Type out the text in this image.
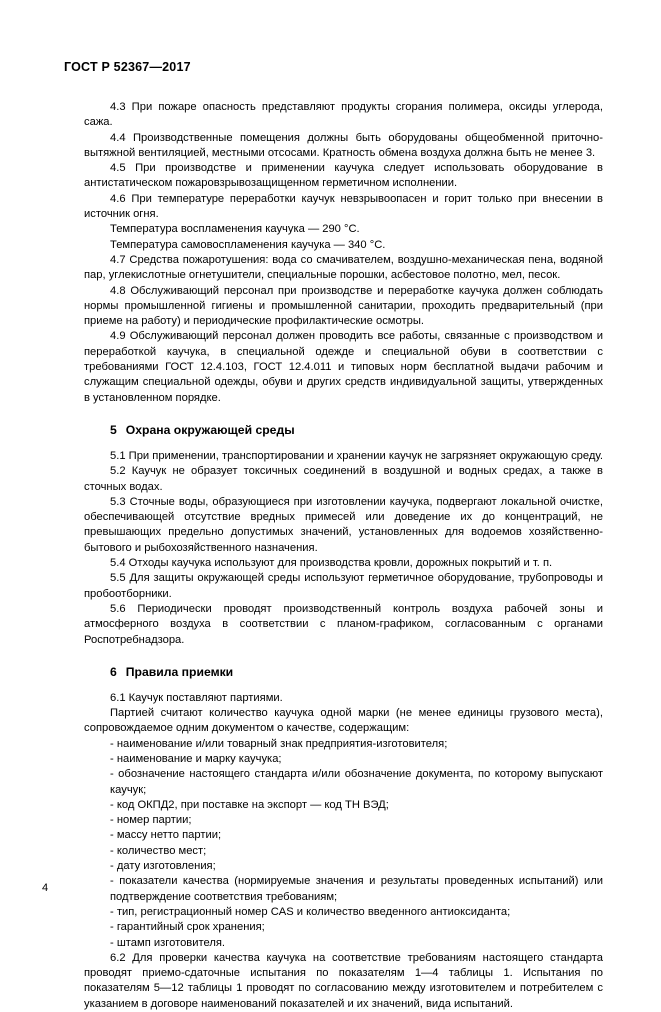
ГОСТ Р 52367—2017

4.3 При пожаре опасность представляют продукты сгорания полимера, оксиды углерода, сажа.

4.4 Производственные помещения должны быть оборудованы общеобменной приточно-вытяжной вентиляцией, местными отсосами. Кратность обмена воздуха должна быть не менее 3.

4.5 При производстве и применении каучука следует использовать оборудование в антистатическом пожаровзрывозащищенном герметичном исполнении.

4.6 При температуре переработки каучук невзрывоопасен и горит только при внесении в источник огня.

Температура воспламенения каучука — 290 °С.

Температура самовоспламенения каучука — 340 °С.

4.7 Средства пожаротушения: вода со смачивателем, воздушно-механическая пена, водяной пар, углекислотные огнетушители, специальные порошки, асбестовое полотно, мел, песок.

4.8 Обслуживающий персонал при производстве и переработке каучука должен соблюдать нормы промышленной гигиены и промышленной санитарии, проходить предварительный (при приеме на работу) и периодические профилактические осмотры.

4.9 Обслуживающий персонал должен проводить все работы, связанные с производством и переработкой каучука, в специальной одежде и специальной обуви в соответствии с требованиями ГОСТ 12.4.103, ГОСТ 12.4.011 и типовых норм бесплатной выдачи рабочим и служащим специальной одежды, обуви и других средств индивидуальной защиты, утвержденных в установленном порядке.

5 Охрана окружающей среды

5.1 При применении, транспортировании и хранении каучук не загрязняет окружающую среду.

5.2 Каучук не образует токсичных соединений в воздушной и водных средах, а также в сточных водах.

5.3 Сточные воды, образующиеся при изготовлении каучука, подвергают локальной очистке, обеспечивающей отсутствие вредных примесей или доведение их до концентраций, не превышающих предельно допустимых значений, установленных для водоемов хозяйственно-бытового и рыбохозяйственного назначения.

5.4 Отходы каучука используют для производства кровли, дорожных покрытий и т. п.

5.5 Для защиты окружающей среды используют герметичное оборудование, трубопроводы и пробоотборники.

5.6 Периодически проводят производственный контроль воздуха рабочей зоны и атмосферного воздуха в соответствии с планом-графиком, согласованным с органами Роспотребнадзора.

6 Правила приемки

6.1 Каучук поставляют партиями.

Партией считают количество каучука одной марки (не менее единицы грузового места), сопровождаемое одним документом о качестве, содержащим:

- наименование и/или товарный знак предприятия-изготовителя;

- наименование и марку каучука;

- обозначение настоящего стандарта и/или обозначение документа, по которому выпускают каучук;

- код ОКПД2, при поставке на экспорт — код ТН ВЭД;

- номер партии;

- массу нетто партии;

- количество мест;

- дату изготовления;

- показатели качества (нормируемые значения и результаты проведенных испытаний) или подтверждение соответствия требованиям;

- тип, регистрационный номер CAS и количество введенного антиоксиданта;

- гарантийный срок хранения;

- штамп изготовителя.

6.2 Для проверки качества каучука на соответствие требованиям настоящего стандарта проводят приемо-сдаточные испытания по показателям 1—4 таблицы 1. Испытания по показателям 5—12 таблицы 1 проводят по согласованию между изготовителем и потребителем с указанием в договоре наименований показателей и их значений, вида испытаний.

4
